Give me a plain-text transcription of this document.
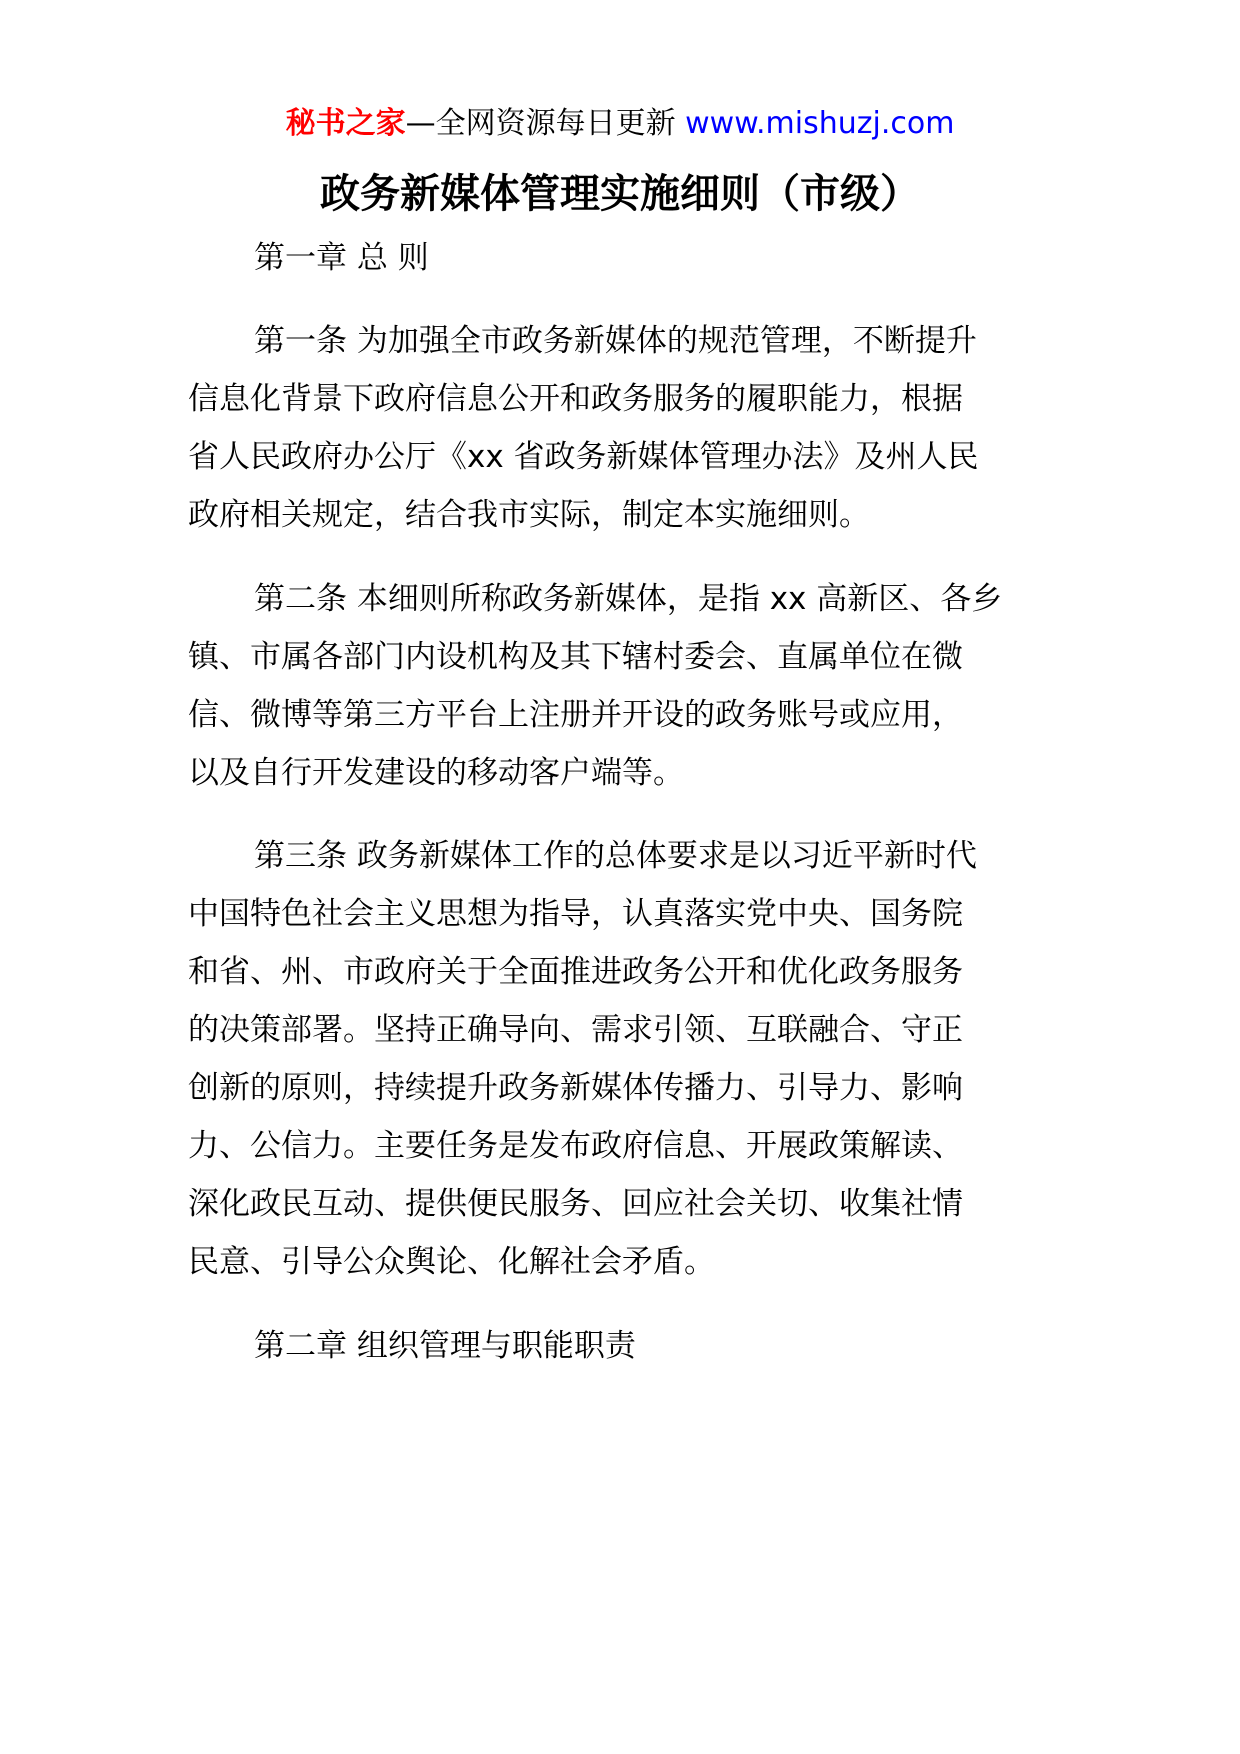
秘书之家—全网资源每日更新 www.mishuzj.com
政务新媒体管理实施细则（市级）
第一章 总 则
第一条 为加强全市政务新媒体的规范管理，不断提升
信息化背景下政府信息公开和政务服务的履职能力，根据
省人民政府办公厅《xx 省政务新媒体管理办法》及州人民
政府相关规定，结合我市实际，制定本实施细则。
第二条 本细则所称政务新媒体，是指 xx 高新区、各乡
镇、市属各部门内设机构及其下辖村委会、直属单位在微
信、微博等第三方平台上注册并开设的政务账号或应用，
以及自行开发建设的移动客户端等。
第三条 政务新媒体工作的总体要求是以习近平新时代
中国特色社会主义思想为指导，认真落实党中央、国务院
和省、州、市政府关于全面推进政务公开和优化政务服务
的决策部署。坚持正确导向、需求引领、互联融合、守正
创新的原则，持续提升政务新媒体传播力、引导力、影响
力、公信力。主要任务是发布政府信息、开展政策解读、
深化政民互动、提供便民服务、回应社会关切、收集社情
民意、引导公众舆论、化解社会矛盾。
第二章 组织管理与职能职责
